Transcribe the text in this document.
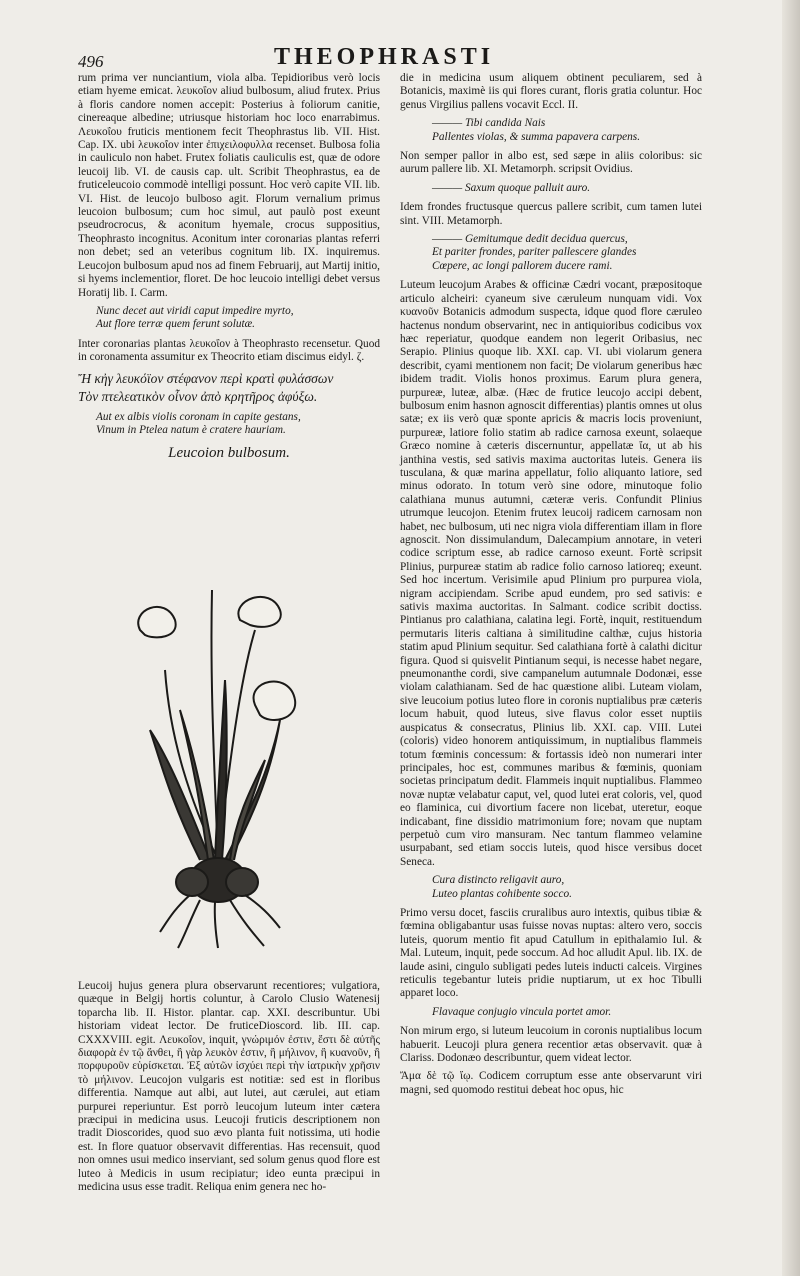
496	THEOPHRASTI

rum prima ver nunciantium, viola alba. Tepidioribus verò locis etiam hyeme emicat. λευκοΐον aliud bulbosum, aliud frutex. Prius à floris candore nomen accepit: Posterius à foliorum canitie, cinereaque albedine; utriusque historiam hoc loco enarrabimus. Λευκοΐου fruticis mentionem fecit Theophrastus lib. VII. Hist. Cap. IX. ubi λευκοΐον inter ἐπιχειλοφυλλα recenset. Bulbosa folia in cauliculo non habet. Frutex foliatis cauliculis est, quæ de odore leucoij lib. VI. de causis cap. ult. Scribit Theophrastus, ea de fruticeleucoio commodè intelligi possunt. Hoc verò capite VII. lib. VI. Hist. de leucojo bulboso agit. Florum vernalium primus leucoion bulbosum; cum hoc simul, aut paulò post exeunt pseudrocrocus, & aconitum hyemale, crocus suppositius, Theophrasto incognitus. Aconitum inter coronarias plantas referri non debet; sed an veteribus cognitum lib. IX. inquiremus. Leucojon bulbosum apud nos ad finem Februarij, aut Martij initio, si hyems inclementior, floret. De hoc leucoio intelligi debet versus Horatij lib. I. Carm.

Nunc decet aut viridi caput impedire myrto,
Aut flore terræ quem ferunt solutæ.

Inter coronarias plantas λευκοΐον à Theophrasto recensetur. Quod in coronamenta assumitur ex Theocrito etiam discimus eidyl. ζ.

Ἤ κἠγ λευκόϊον στέφανον περὶ κρατὶ φυλάσσων
Τὸν πτελεατικὸν οἶνον ἀπὸ κρητῆρος ἀφύξω.
Aut ex albis violis coronam in capite gestans,
Vinum in Ptelea natum è cratere hauriam.
Leucoion bulbosum.

Leucoij hujus genera plura observarunt recentiores; vulgatiora, quæque in Belgij hortis coluntur, à Carolo Clusio Watenesij toparcha lib. II. Histor. plantar. cap. XXI. describuntur. Ubi historiam videat lector. De fruticeDioscord. lib. III. cap. CXXXVIII. egit. Λευκοΐον, inquit, γνώριμόν ἐστιν, ἔστι δὲ αὐτῆς διαφορὰ ἐν τῷ ἄνθει, ἢ γὰρ λευκὸν ἐστιν, ἢ μήλινον, ἢ κυανοῦν, ἢ πορφυροῦν εὑρίσκεται. Ἐξ αὐτῶν ἰσχύει περὶ τὴν ἰατρικὴν χρῆσιν τὸ μήλινον. Leucojon vulgaris est notitiæ: sed est in floribus differentia. Namque aut albi, aut lutei, aut cærulei, aut etiam purpurei reperiuntur. Est porrò leucojum luteum inter cætera præcipui in medicina usus. Leucoji fruticis descriptionem non tradit Dioscorides, quod suo ævo planta fuit notissima, uti hodie est. In flore quatuor observavit differentias. Has recensuit, quod non omnes usui medico inserviant, sed solum genus quod flore est luteo à Medicis in usum recipiatur; ideo eunta præcipui in medicina usus esse tradit. Reliqua enim genera nec ho-

die in medicina usum aliquem obtinent peculiarem, sed à Botanicis, maximè iis qui flores curant, floris gratia coluntur. Hoc genus Virgilius pallens vocavit Eccl. II.

——— Tibi candida Nais
Pallentes violas, & summa papavera carpens.

Non semper pallor in albo est, sed sæpe in aliis coloribus: sic aurum pallere lib. XI. Metamorph. scripsit Ovidius.

——— Saxum quoque palluit auro.

Idem frondes fructusque quercus pallere scribit, cum tamen lutei sint. VIII. Metamorph.

——— Gemitumque dedit decidua quercus,
Et pariter frondes, pariter pallescere glandes
Cœpere, ac longi pallorem ducere rami.

Luteum leucojum Arabes & officinæ Cædri vocant, præpositoque articulo alcheiri: cyaneum sive cæruleum nunquam vidi. Vox κυανοῦν Botanicis admodum suspecta, idque quod flore cæruleo hactenus nondum observarint, nec in antiquioribus codicibus vox hæc reperiatur, quodque eandem non legerit Oribasius, nec Serapio. Plinius quoque lib. XXI. cap. VI. ubi violarum genera describit, cyami mentionem non facit; De violarum generibus hæc ibidem tradit. Violis honos proximus. Earum plura genera, purpureæ, luteæ, albæ. (Hæc de frutice leucojo accipi debent, bulbosum enim hasnon agnoscit differentias) plantis omnes ut olus satæ; ex iis verò quæ sponte apricis & macris locis proveniunt, purpureæ, latiore folio statim ab radice carnosa exeunt, solaeque Græco nomine à cæteris discernuntur, appellatæ ἴα, ut ab his janthina vestis, sed sativis maxima auctoritas luteis. Genera iis tusculana, & quæ marina appellatur, folio aliquanto latiore, sed minus odorato. In totum verò sine odore, minutoque folio calathiana munus autumni, cæteræ veris. Confundit Plinius utrumque leucojon. Etenim frutex leucoij radicem carnosam non habet, nec bulbosum, uti nec nigra viola differentiam illam in flore agnoscit. Non dissimulandum, Dalecampium annotare, in veteri codice scriptum esse, ab radice carnoso exeunt. Fortè scripsit Plinius, purpureæ statim ab radice folio carnoso latioreq; exeunt. Sed hoc incertum. Verisimile apud Plinium pro purpurea viola, nigram accipiendam. Scribe apud eundem, pro sed sativis: e sativis maxima auctoritas. In Salmant. codice scribit doctiss. Pintianus pro calathiana, calatina legi. Fortè, inquit, restituendum permutaris literis caltiana à similitudine calthæ, cujus historia statim apud Plinium sequitur. Sed calathiana fortè à calathi dicitur figura. Quod si quisvelit Pintianum sequi, is necesse habet negare, pneumonanthe cordi, sive campanelum autumnale Dodonæi, esse violam calathianam. Sed de hac quæstione alibi. Luteam violam, sive leucoium potius luteo flore in coronis nuptialibus præ cæteris locum habuit, quod luteus, sive flavus color esset nuptiis auspicatus & consecratus, Plinius lib. XXI. cap. VIII. Lutei (coloris) video honorem antiquissimum, in nuptialibus flammeis totum fœminis concessum: & fortassis ideò non numerari inter principales, hoc est, communes maribus & fœminis, quoniam societas principatum dedit. Flammeis inquit nuptialibus. Flammeo novæ nuptæ velabatur caput, vel, quod lutei erat coloris, vel, quod eo flaminica, cui divortium facere non licebat, uteretur, eoque indicabant, fine dissidio matrimonium fore; novam que nuptam perpetuò cum viro mansuram. Nec tantum flammeo velamine usurpabant, sed etiam soccis luteis, quod hisce versibus docet Seneca.

Cura distincto religavit auro,
Luteo plantas cohibente socco.

Primo versu docet, fasciis cruralibus auro intextis, quibus tibiæ & fœmina obligabantur usas fuisse novas nuptas: altero vero, soccis luteis, quorum mentio fit apud Catullum in epithalamio Iul. & Mal. Luteum, inquit, pede soccum. Ad hoc alludit Apul. lib. IX. de laude asini, cingulo subligati pedes luteis inducti calceis. Virgines reticulis tegebantur luteis pridie nuptiarum, ut ex hoc Tibulli apparet loco.

Flavaque conjugio vincula portet amor.

Non mirum ergo, si luteum leucoium in coronis nuptialibus locum habuerit. Leucoji plura genera recentior ætas observavit. quæ à Clariss. Dodonæo describuntur, quem videat lector.

Ἄμα δὲ τῷ ἴῳ. Codicem corruptum esse ante observarunt viri magni, sed quomodo restitui debeat hoc opus, hic
